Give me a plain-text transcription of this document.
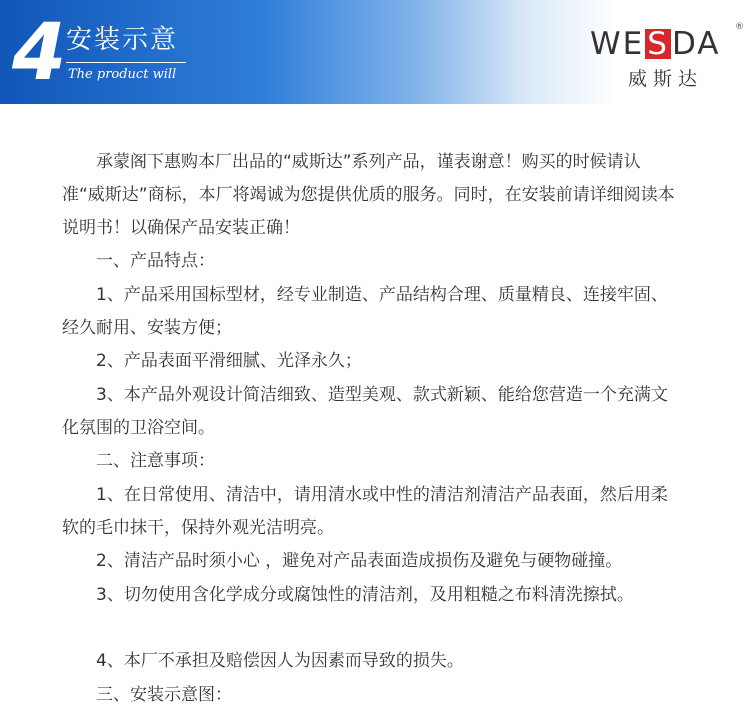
4 安装示意
The product will
WESDA ®
威斯达
承蒙阁下惠购本厂出品的“威斯达”系列产品，谨表谢意！购买的时候请认准“威斯达”商标，本厂将竭诚为您提供优质的服务。同时，在安装前请详细阅读本说明书！以确保产品安装正确！
一、产品特点：
1、产品采用国标型材，经专业制造、产品结构合理、质量精良、连接牢固、经久耐用、安装方便；
2、产品表面平滑细腻、光泽永久；
3、本产品外观设计简洁细致、造型美观、款式新颖、能给您营造一个充满文化氛围的卫浴空间。
二、注意事项：
1、在日常使用、清洁中，请用清水或中性的清洁剂清洁产品表面，然后用柔软的毛巾抹干，保持外观光洁明亮。
2、清洁产品时须小心 ，避免对产品表面造成损伤及避免与硬物碰撞。
3、切勿使用含化学成分或腐蚀性的清洁剂，及用粗糙之布料清洗擦拭。
4、本厂不承担及赔偿因人为因素而导致的损失。
三、安装示意图：
